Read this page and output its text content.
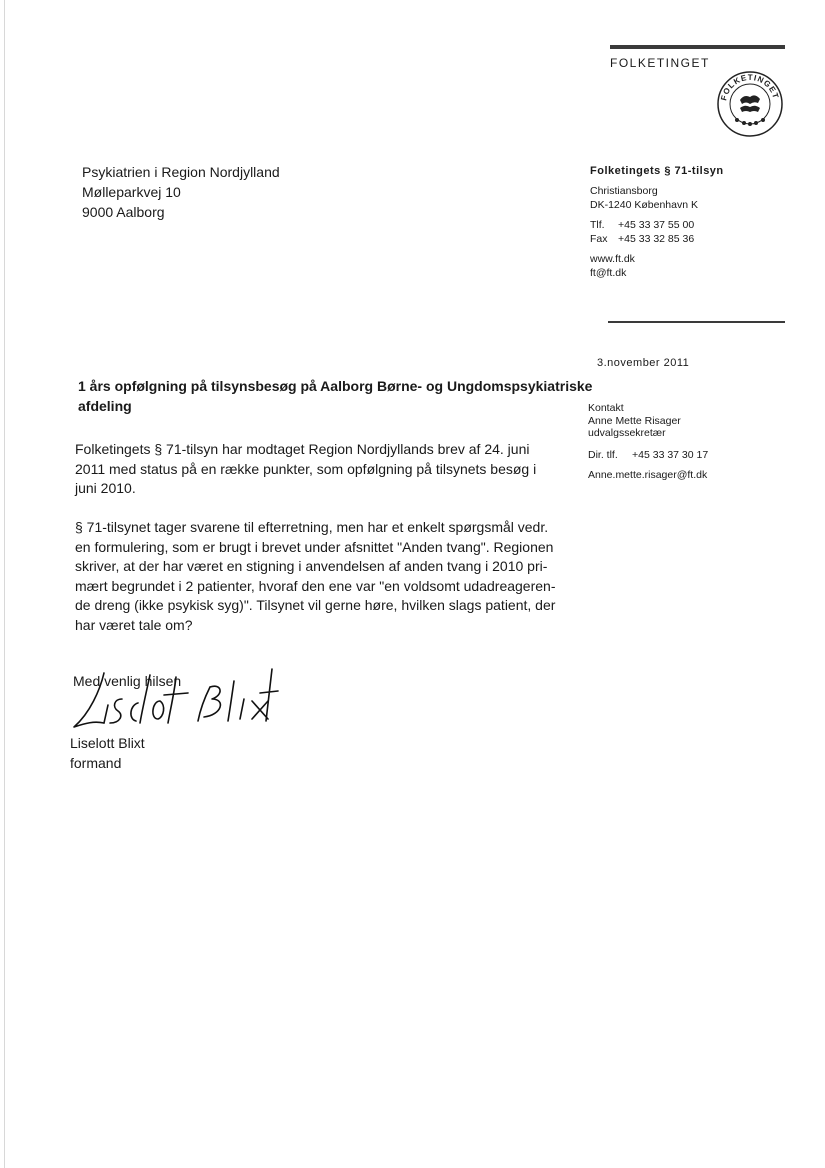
FOLKETINGET
FOLKETINGET
Psykiatrien i Region Nordjylland
Mølleparkvej 10
9000 Aalborg
Folketingets § 71-tilsyn
Christiansborg
DK-1240 København K
Tlf. +45 33 37 55 00
Fax +45 33 32 85 36
www.ft.dk
ft@ft.dk
3.november 2011
1 års opfølgning på tilsynsbesøg på Aalborg Børne- og Ungdomspsykiatriske
afdeling	Kontakt
Anne Mette Risager
udvalgssekretær
Dir. tlf. +45 33 37 30 17
Anne.mette.risager@ft.dk
Folketingets § 71-tilsyn har modtaget Region Nordjyllands brev af 24. juni
2011 med status på en række punkter, som opfølgning på tilsynets besøg i
juni 2010.
§ 71-tilsynet tager svarene til efterretning, men har et enkelt spørgsmål vedr.
en formulering, som er brugt i brevet under afsnittet "Anden tvang". Regionen
skriver, at der har været en stigning i anvendelsen af anden tvang i 2010 pri-
mært begrundet i 2 patienter, hvoraf den ene var "en voldsomt udadreageren-
de dreng (ikke psykisk syg)". Tilsynet vil gerne høre, hvilken slags patient, der
har været tale om?
Med venlig hilsen
Liselott Blixt
formand
